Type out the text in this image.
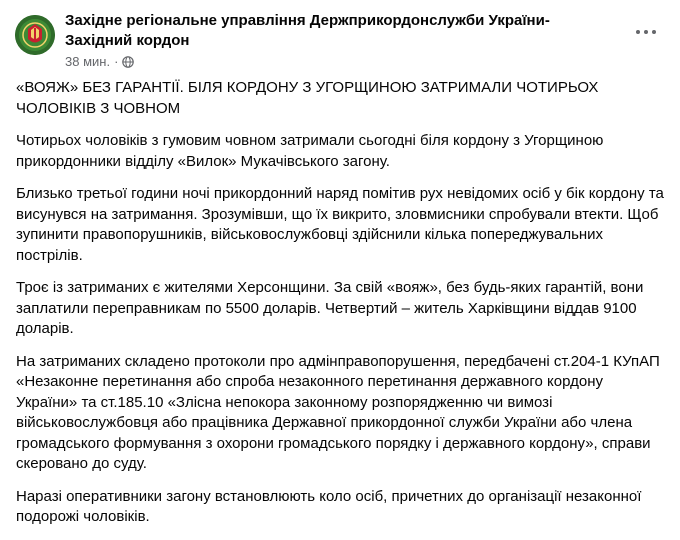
Західне регіональне управління Держприкордонслужби України-Західний кордон
38 мин. ·

«ВОЯЖ» БЕЗ ГАРАНТІЇ. БІЛЯ КОРДОНУ З УГОРЩИНОЮ ЗАТРИМАЛИ ЧОТИРЬОХ ЧОЛОВІКІВ З ЧОВНОМ

Чотирьох чоловіків з гумовим човном затримали сьогодні біля кордону з Угорщиною прикордонники відділу «Вилок» Мукачівського загону.

Близько третьої години ночі прикордонний наряд помітив рух невідомих осіб у бік кордону та висунувся на затримання. Зрозумівши, що їх викрито, зловмисники спробували втекти. Щоб зупинити правопорушників, військовослужбовці здійснили кілька попереджувальних пострілів.

Троє із затриманих є жителями Херсонщини. За свій «вояж», без будь-яких гарантій, вони заплатили переправникам по 5500 доларів. Четвертий – житель Харківщини віддав 9100 доларів.

На затриманих складено протоколи про адмінправопорушення, передбачені ст.204-1 КУпАП «Незаконне перетинання або спроба незаконного перетинання державного кордону України» та ст.185.10 «Злісна непокора законному розпорядженню чи вимозі військовослужбовця або працівника Державної прикордонної служби України або члена громадського формування з охорони громадського порядку і державного кордону», справи скеровано до суду.

Наразі оперативники загону встановлюють коло осіб, причетних до організації незаконної подорожі чоловіків.
